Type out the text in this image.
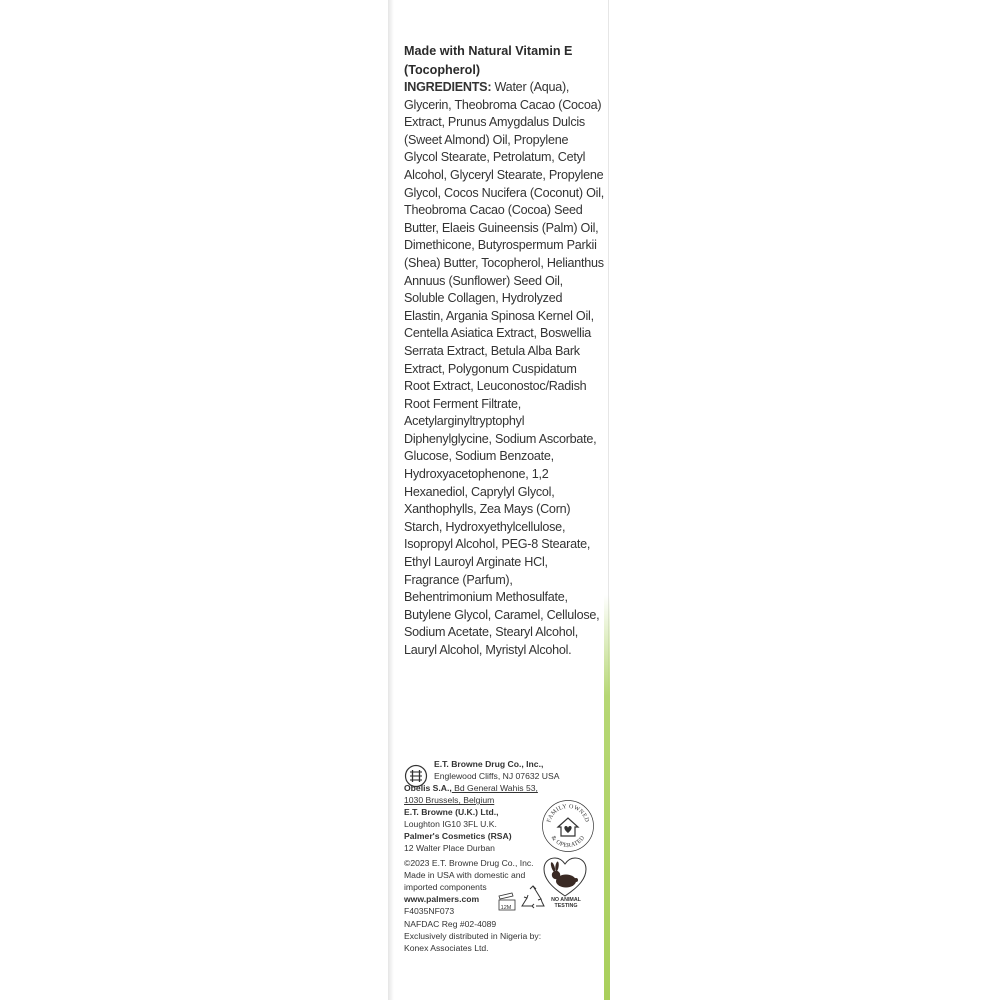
Made with Natural Vitamin E (Tocopherol)
INGREDIENTS: Water (Aqua), Glycerin, Theobroma Cacao (Cocoa) Extract, Prunus Amygdalus Dulcis (Sweet Almond) Oil, Propylene Glycol Stearate, Petrolatum, Cetyl Alcohol, Glyceryl Stearate, Propylene Glycol, Cocos Nucifera (Coconut) Oil, Theobroma Cacao (Cocoa) Seed Butter, Elaeis Guineensis (Palm) Oil, Dimethicone, Butyrospermum Parkii (Shea) Butter, Tocopherol, Helianthus Annuus (Sunflower) Seed Oil, Soluble Collagen, Hydrolyzed Elastin, Argania Spinosa Kernel Oil, Centella Asiatica Extract, Boswellia Serrata Extract, Betula Alba Bark Extract, Polygonum Cuspidatum Root Extract, Leuconostoc/Radish Root Ferment Filtrate, Acetylarginyltryptophyl Diphenylglycine, Sodium Ascorbate, Glucose, Sodium Benzoate, Hydroxyacetophenone, 1,2 Hexanediol, Caprylyl Glycol, Xanthophylls, Zea Mays (Corn) Starch, Hydroxyethylcellulose, Isopropyl Alcohol, PEG-8 Stearate, Ethyl Lauroyl Arginate HCl, Fragrance (Parfum), Behentrimonium Methosulfate, Butylene Glycol, Caramel, Cellulose, Sodium Acetate, Stearyl Alcohol, Lauryl Alcohol, Myristyl Alcohol.
E.T. Browne Drug Co., Inc.,
Englewood Cliffs, NJ 07632 USA
Obelis S.A., Bd General Wahis 53,
1030 Brussels, Belgium
E.T. Browne (U.K.) Ltd.,
Loughton IG10 3FL U.K.
Palmer's Cosmetics (RSA)
12 Walter Place Durban
©2023 E.T. Browne Drug Co., Inc.
Made in USA with domestic and
imported components
www.palmers.com
F4035NF073
NAFDAC Reg #02-4089
Exclusively distributed in Nigeria by:
Konex Associates Ltd.
FAMILY OWNED
& OPERATED
NO ANIMAL
TESTING
12M
